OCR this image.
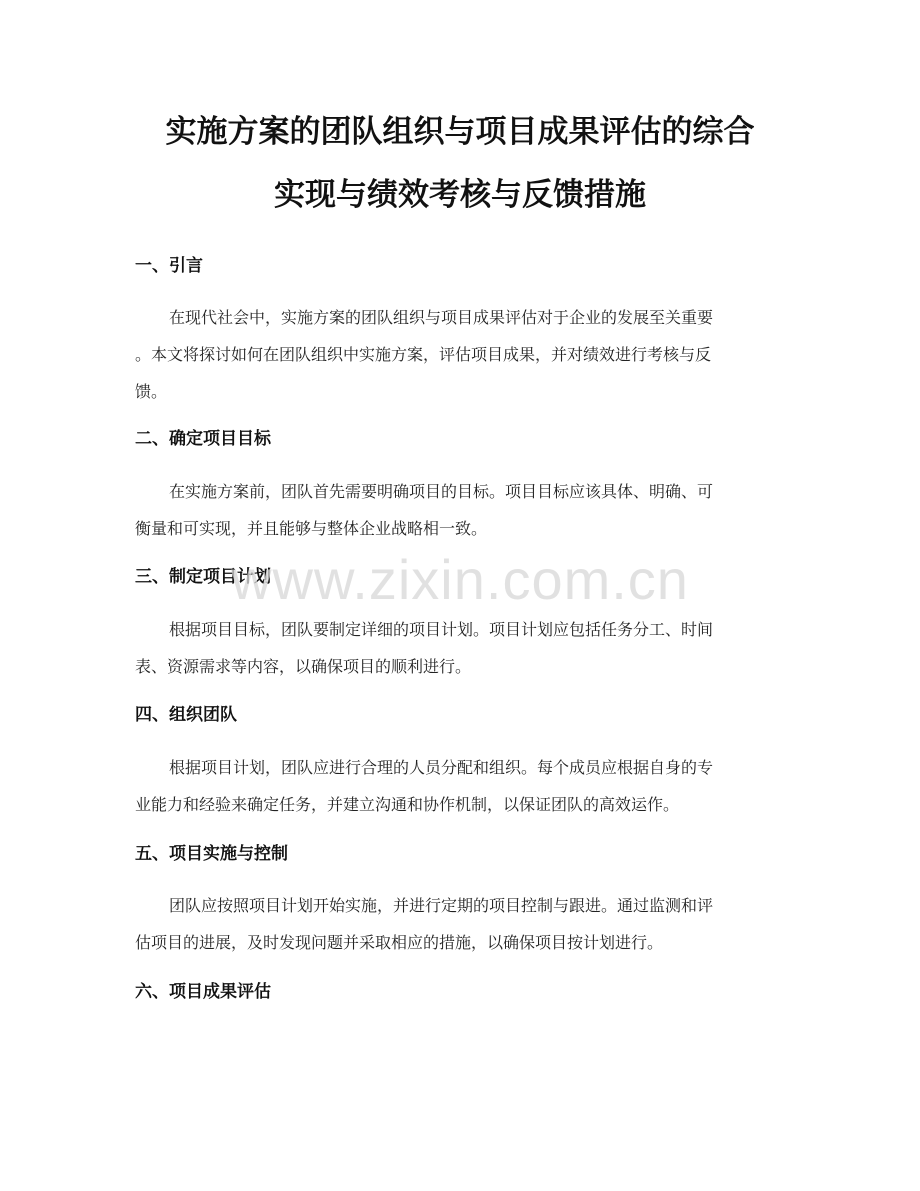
实施方案的团队组织与项目成果评估的综合
实现与绩效考核与反馈措施
一、引言
在现代社会中，实施方案的团队组织与项目成果评估对于企业的发展至关重要
。本文将探讨如何在团队组织中实施方案，评估项目成果，并对绩效进行考核与反
馈。
二、确定项目目标
在实施方案前，团队首先需要明确项目的目标。项目目标应该具体、明确、可
衡量和可实现，并且能够与整体企业战略相一致。
三、制定项目计划
根据项目目标，团队要制定详细的项目计划。项目计划应包括任务分工、时间
表、资源需求等内容，以确保项目的顺利进行。
四、组织团队
根据项目计划，团队应进行合理的人员分配和组织。每个成员应根据自身的专
业能力和经验来确定任务，并建立沟通和协作机制，以保证团队的高效运作。
五、项目实施与控制
团队应按照项目计划开始实施，并进行定期的项目控制与跟进。通过监测和评
估项目的进展，及时发现问题并采取相应的措施，以确保项目按计划进行。
六、项目成果评估
www.zixin.com.cn
